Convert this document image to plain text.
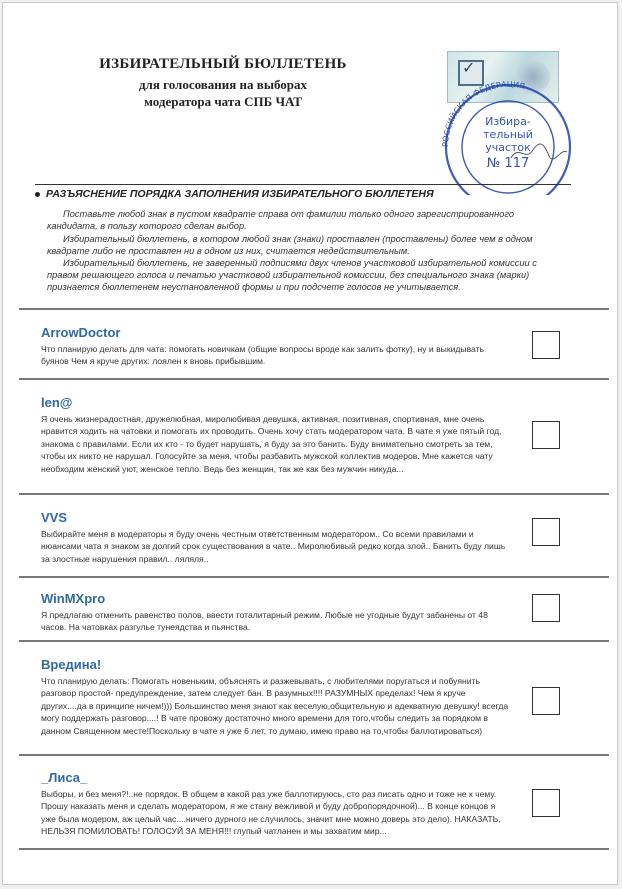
ИЗБИРАТЕЛЬНЫЙ БЮЛЛЕТЕНЬ
для голосования на выборах
модератора чата СПБ ЧАТ
✓
РОССИЙСКАЯ ФЕДЕРАЦИЯ
Избира-
тельный
участок
№ 117
РАЗЪЯСНЕНИЕ ПОРЯДКА ЗАПОЛНЕНИЯ ИЗБИРАТЕЛЬНОГО БЮЛЛЕТЕНЯ

Поставьте любой знак в пустом квадрате справа от фамилии только одного зарегистрированного кандидата, в пользу которого сделан выбор.

Избирательный бюллетень, в котором любой знак (знаки) проставлен (проставлены) более чем в одном квадрате либо не проставлен ни в одном из них, считается недействительным.

Избирательный бюллетень, не заверенный подписями двух членов участковой избирательной комиссии с правом решающего голоса и печатью участковой избирательной комиссии, без специального знака (марки) признается бюллетенем неустановленной формы и при подсчете голосов не учитывается.

ArrowDoctor
Что планирую делать для чата: помогать новичкам (общие вопросы вроде как залить фотку), ну и выкидывать буянов Чем я круче других: лоялен к вновь прибывшим.
len@
Я очень жизнерадостная, дружелюбная, миролюбивая девушка, активная, позитивная, спортивная, мне очень нравится ходить на чатовки и помогать их проводить. Очень хочу стать модератором чата. В чате я уже пятый год, знакома с правилами. Если их кто - то будет нарушать, я буду за это банить. Буду внимательно смотреть за тем, чтобы их никто не нарушал. Голосуйте за меня, чтобы разбавить мужской коллектив модеров. Мне кажется чату необходим женский уют, женское тепло. Ведь без женщин, так же как без мужчин никуда...
VVS
Выбирайте меня в модераторы я буду очень честным ответственным модератором.. Со всеми правилами и нюансами чата я знаком за долгий срок существования в чате.. Миролюбивый редко когда злой.. Банить буду лишь за злостные нарушения правил.. ляляля..
WinMXpro
Я предлагаю отменить равенство полов, ввести тоталитарный режим. Любые не угодные будут забанены от 48 часов. На чатовках разгулье тунеядства и пьянства.
Вредина!
Что планирую делать: Помогать новеньким, объяснять и разжевывать, с любителями поругаться и побуянить разговор простой- предупреждение, затем следует бан. В разумных!!!! РАЗУМНЫХ пределах! Чем я круче других....да в принципе ничем!))) Большинство меня знают как веселую,общительную и адекватную девушку! всегда могу поддержать разговор....! В чате провожу достаточно много времени для того,чтобы следить за порядком в данном Священном месте!Поскольку в чате я уже 6 лет, то думаю, имею право на то,чтобы баллотироваться)
_Лиса_
Выборы, и без меня?!..не порядок. В общем в какой раз уже баллотируюсь, сто раз писать одно и тоже не к чему. Прошу наказать меня и сделать модератором, я же стану вежливой и буду добропорядочной)... В конце концов я уже была модером, аж целый час....ничего дурного не случилось, значит мне можно доверь это дело). НАКАЗАТЬ, НЕЛЬЗЯ ПОМИЛОВАТЬ! ГОЛОСУЙ ЗА МЕНЯ!!! глупый чатланен и мы захватим мир...
